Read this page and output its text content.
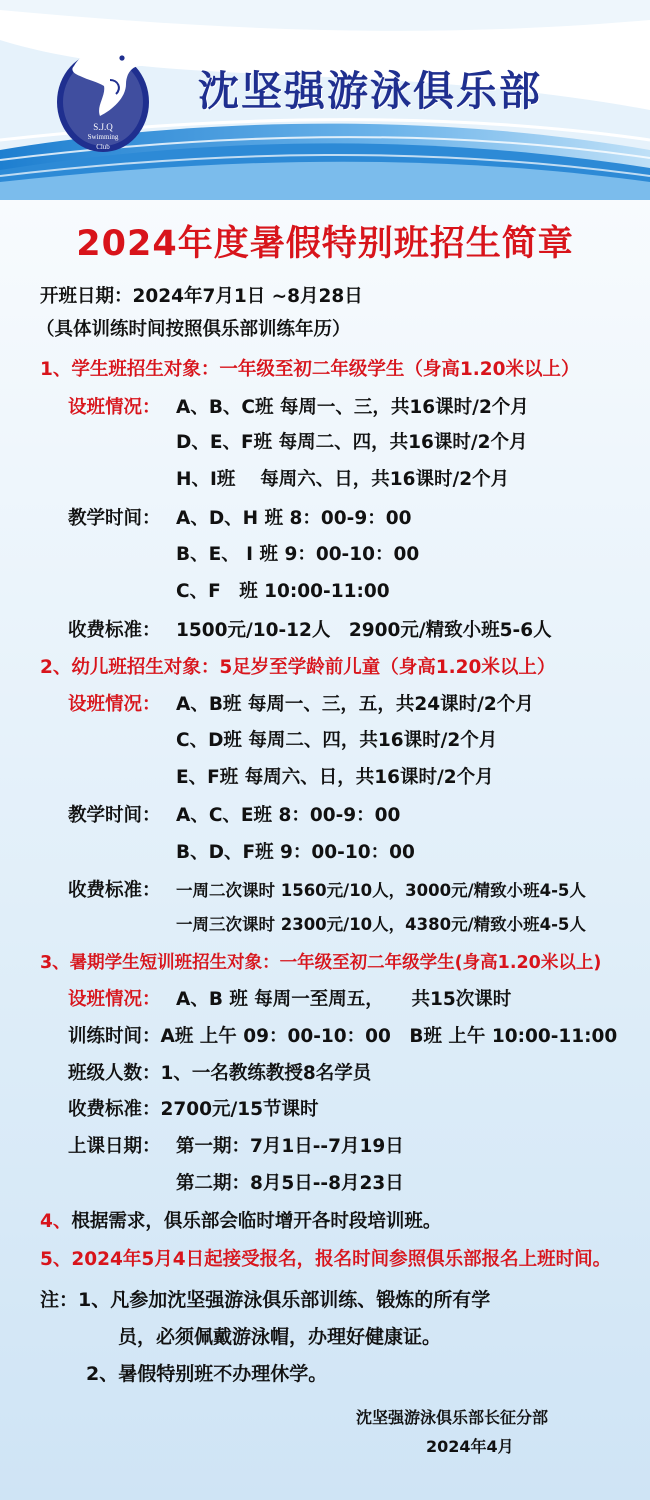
S.J.Q
Swimming
Club
沈坚强游泳俱乐部
2024年度暑假特别班招生简章
开班日期：2024年7月1日 ~8月28日
（具体训练时间按照俱乐部训练年历）
1、学生班招生对象：一年级至初二年级学生（身高1.20米以上）
设班情况： A、B、C班 每周一、三，共16课时/2个月
D、E、F班 每周二、四，共16课时/2个月
H、I班　 每周六、日，共16课时/2个月
教学时间： A、D、H 班 8：00-9：00
B、E、 I 班 9：00-10：00
C、F　班 10:00-11:00
收费标准： 1500元/10-12人　2900元/精致小班5-6人
2、幼儿班招生对象：5足岁至学龄前儿童（身高1.20米以上）
设班情况： A、B班 每周一、三，五，共24课时/2个月
C、D班 每周二、四，共16课时/2个月
E、F班 每周六、日，共16课时/2个月
教学时间： A、C、E班 8：00-9：00
B、D、F班 9：00-10：00
收费标准： 一周二次课时 1560元/10人，3000元/精致小班4-5人
一周三次课时 2300元/10人，4380元/精致小班4-5人
3、暑期学生短训班招生对象：一年级至初二年级学生(身高1.20米以上)
设班情况： A、B 班 每周一至周五，　　共15次课时
训练时间：A班 上午 09：00-10：00　B班 上午 10:00-11:00
班级人数：1、一名教练教授8名学员
收费标准：2700元/15节课时
上课日期： 第一期：7月1日--7月19日
第二期：8月5日--8月23日
4、根据需求，俱乐部会临时增开各时段培训班。
5、2024年5月4日起接受报名，报名时间参照俱乐部报名上班时间。
注：1、凡参加沈坚强游泳俱乐部训练、锻炼的所有学
员，必须佩戴游泳帽，办理好健康证。
2、暑假特别班不办理休学。
沈坚强游泳俱乐部长征分部
2024年4月
